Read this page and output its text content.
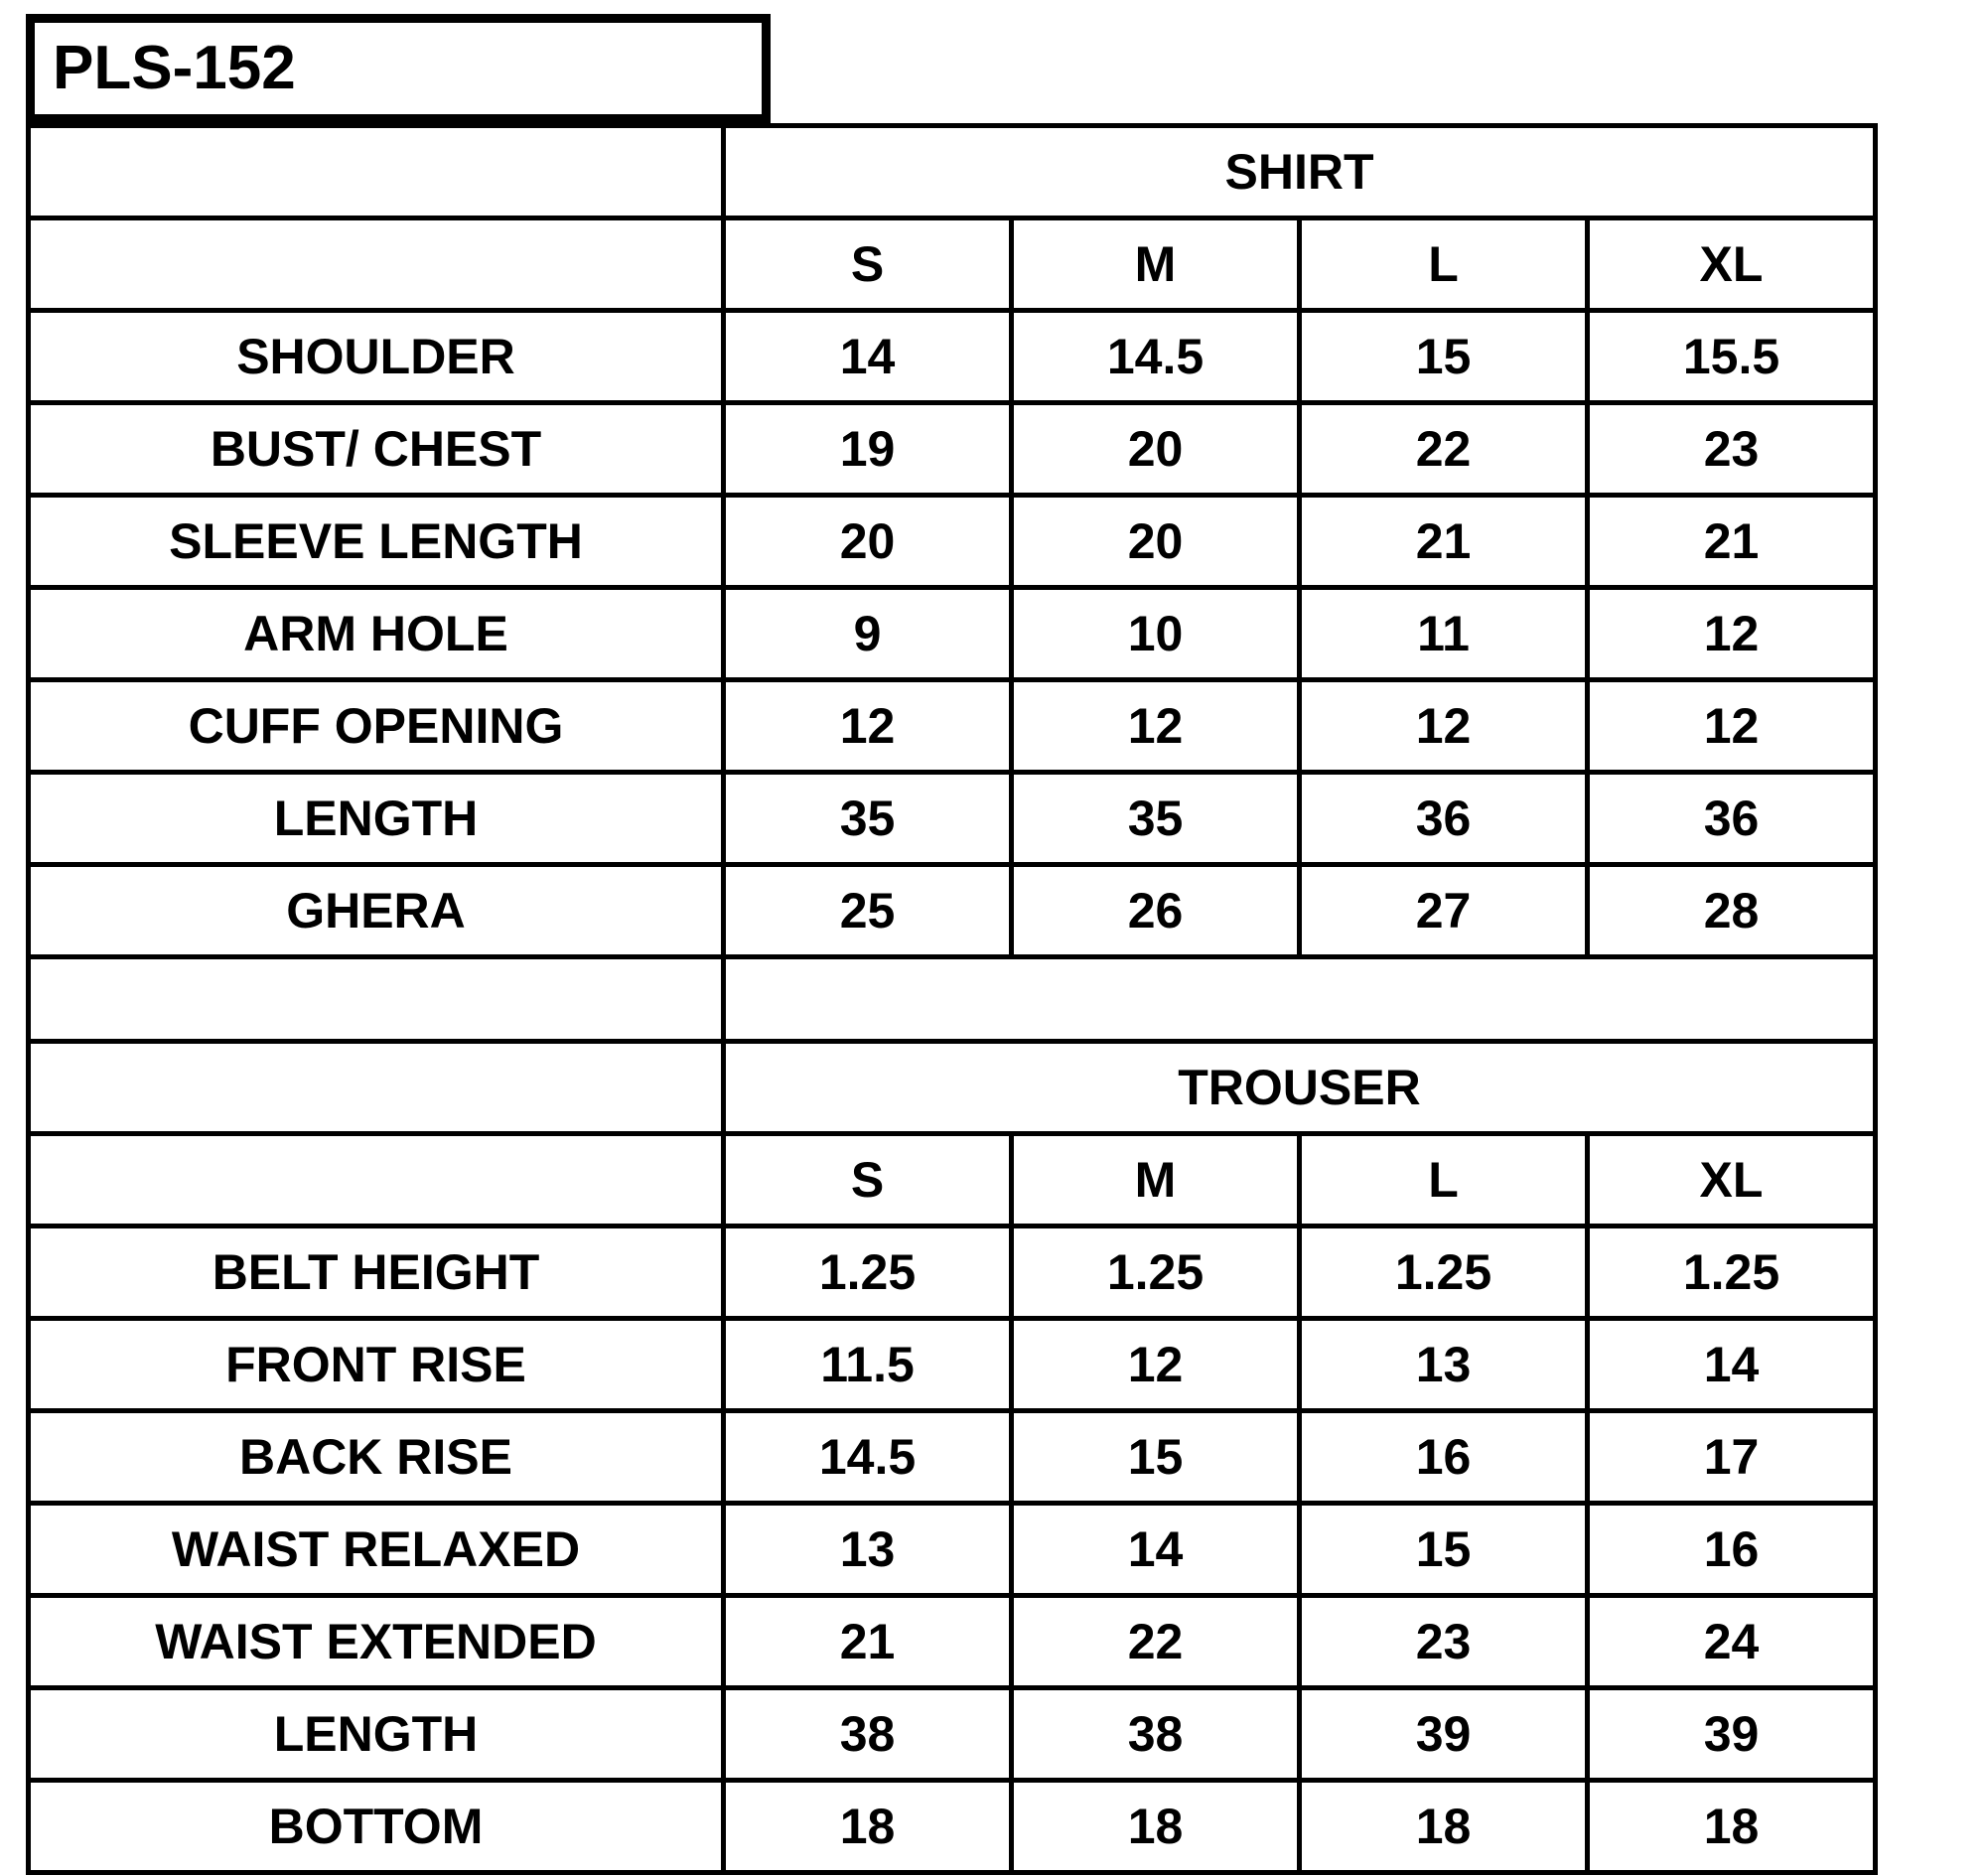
PLS-152
	SHIRT			
	S	M	L	XL
SHOULDER	14	14.5	15	15.5
BUST/ CHEST	19	20	22	23
SLEEVE LENGTH	20	20	21	21
ARM HOLE	9	10	11	12
CUFF OPENING	12	12	12	12
LENGTH	35	35	36	36
GHERA	25	26	27	28

	TROUSER			
	S	M	L	XL
BELT HEIGHT	1.25	1.25	1.25	1.25
FRONT RISE	11.5	12	13	14
BACK RISE	14.5	15	16	17
WAIST RELAXED	13	14	15	16
WAIST EXTENDED	21	22	23	24
LENGTH	38	38	39	39
BOTTOM	18	18	18	18
